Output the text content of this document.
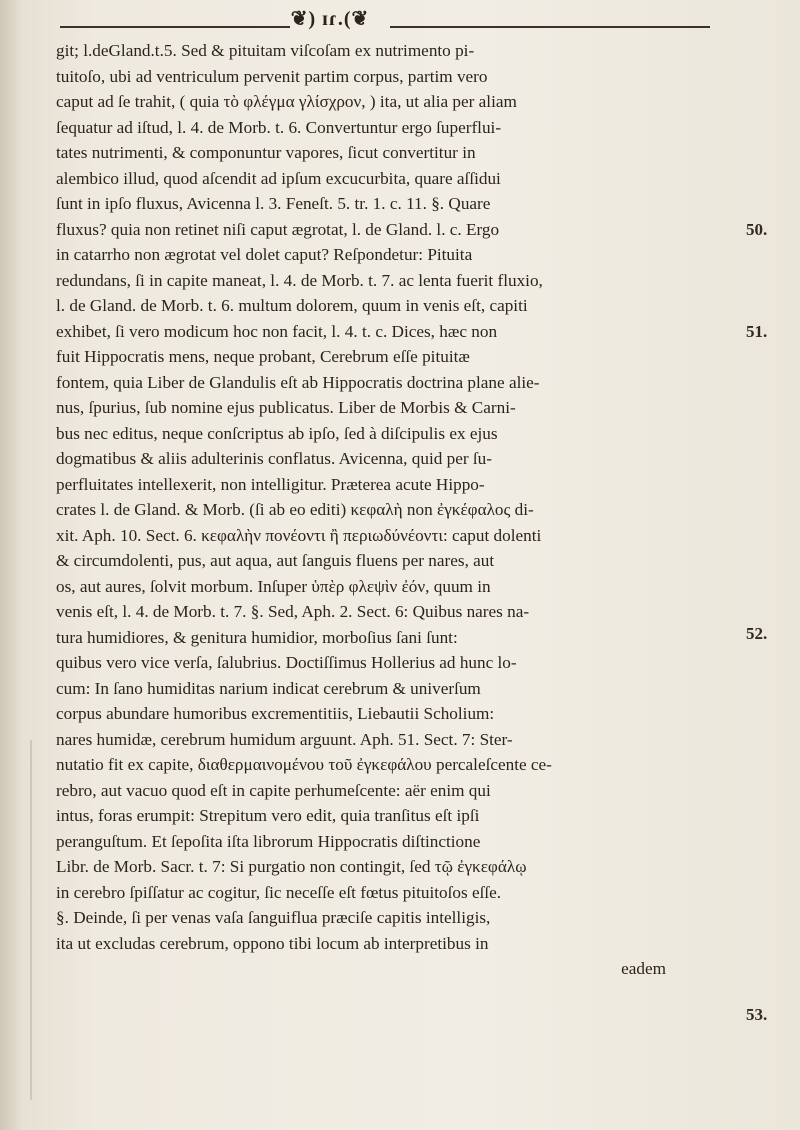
❦) ɪɾ.(❦
git; l.deGland.t.5. Sed & pituitam viſcoſam ex nutrimento pi-
tuitoſo, ubi ad ventriculum pervenit partim corpus, partim vero
caput ad ſe trahit, ( quia τὸ φλέγμα γλίσχρον, ) ita, ut alia per aliam
ſequatur ad iſtud, l. 4. de Morb. t. 6. Convertuntur ergo ſuperflui-
tates nutrimenti, & componuntur vapores, ſicut convertitur in
alembico illud, quod aſcendit ad ipſum excucurbita, quare aſſidui
ſunt in ipſo fluxus, Avicenna l. 3. Feneſt. 5. tr. 1. c. 11. §. Quare
fluxus? quia non retinet niſi caput ægrotat, l. de Gland. l. c. Ergo
in catarrho non ægrotat vel dolet caput? Reſpondetur: Pituita
redundans, ſi in capite maneat, l. 4. de Morb. t. 7. ac lenta fuerit fluxio,
l. de Gland. de Morb. t. 6. multum dolorem, quum in venis eſt, capiti
exhibet, ſi vero modicum hoc non facit, l. 4. t. c. Dices, hæc non
fuit Hippocratis mens, neque probant, Cerebrum eſſe pituitæ
fontem, quia Liber de Glandulis eſt ab Hippocratis doctrina plane alie-
nus, ſpurius, ſub nomine ejus publicatus. Liber de Morbis & Carni-
bus nec editus, neque conſcriptus ab ipſo, ſed à diſcipulis ex ejus
dogmatibus & aliis adulterinis conflatus. Avicenna, quid per ſu-
perfluitates intellexerit, non intelligitur. Præterea acute Hippo-
crates l. de Gland. & Morb. (ſi ab eo editi) κεφαλὴ non ἐγκέφαλος di-
xit. Aph. 10. Sect. 6. κεφαλὴν πονέοντι ἢ περιωδύνέοντι: caput dolenti
& circumdolenti, pus, aut aqua, aut ſanguis fluens per nares, aut
os, aut aures, ſolvit morbum. Inſuper ὑπὲρ φλεψὶν ἐόν, quum in
venis eſt, l. 4. de Morb. t. 7. §. Sed, Aph. 2. Sect. 6: Quibus nares na-
tura humidiores, & genitura humidior, morboſius ſani ſunt:
quibus vero vice verſa, ſalubrius. Doctiſſimus Hollerius ad hunc lo-
cum: In ſano humiditas narium indicat cerebrum & univerſum
corpus abundare humoribus excrementitiis, Liebautii Scholium:
nares humidæ, cerebrum humidum arguunt. Aph. 51. Sect. 7: Ster-
nutatio fit ex capite, διαθερμαινομένου τοῦ ἐγκεφάλου percaleſcente ce-
rebro, aut vacuo quod eſt in capite perhumeſcente: aër enim qui
intus, foras erumpit: Strepitum vero edit, quia tranſitus eſt ipſi
peranguſtum. Et ſepoſita iſta librorum Hippocratis diſtinctione
Libr. de Morb. Sacr. t. 7: Si purgatio non contingit, ſed τῷ ἐγκεφάλῳ
in cerebro ſpiſſatur ac cogitur, ſic neceſſe eſt fœtus pituitoſos eſſe.
§. Deinde, ſi per venas vaſa ſanguiflua præciſe capitis intelligis,
ita ut excludas cerebrum, oppono tibi locum ab interpretibus in
eadem
50.
51.
52.
53.
